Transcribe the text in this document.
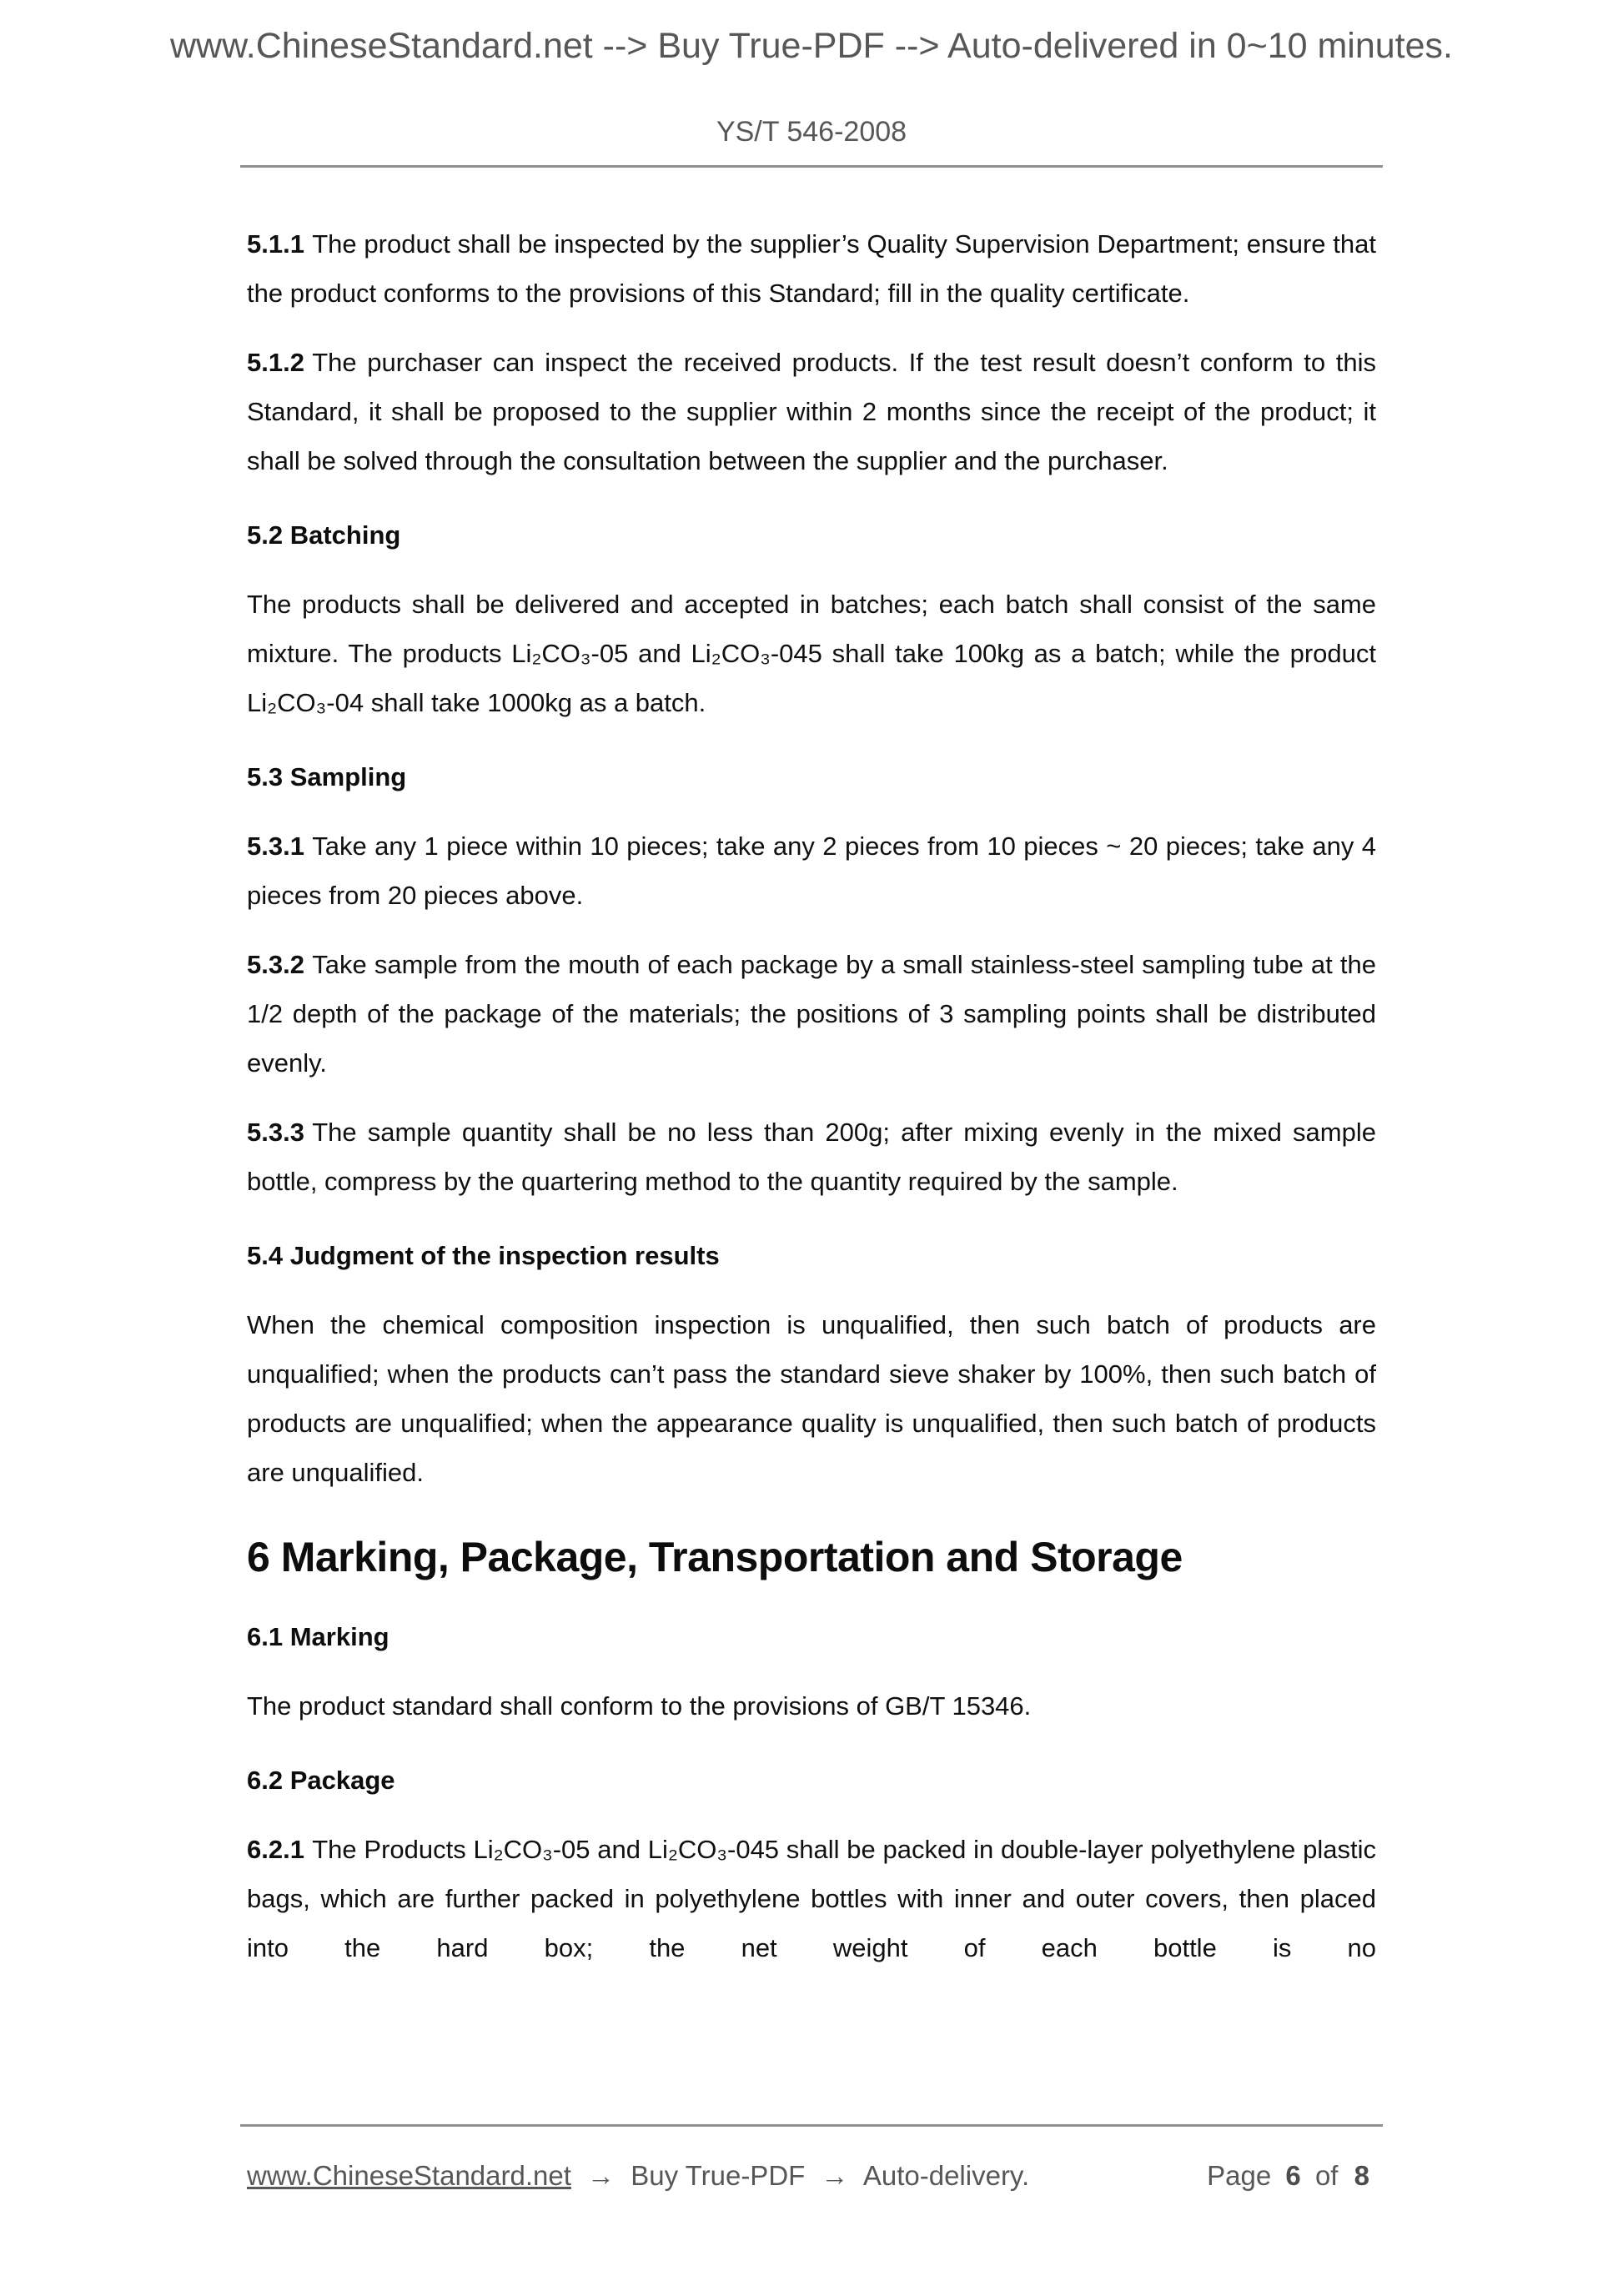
www.ChineseStandard.net --> Buy True-PDF --> Auto-delivered in 0~10 minutes.
YS/T 546-2008

5.1.1 The product shall be inspected by the supplier’s Quality Supervision Department; ensure that the product conforms to the provisions of this Standard; fill in the quality certificate.

5.1.2 The purchaser can inspect the received products. If the test result doesn’t conform to this Standard, it shall be proposed to the supplier within 2 months since the receipt of the product; it shall be solved through the consultation between the supplier and the purchaser.

5.2 Batching

The products shall be delivered and accepted in batches; each batch shall consist of the same mixture. The products Li₂CO₃-05 and Li₂CO₃-045 shall take 100kg as a batch; while the product Li₂CO₃-04 shall take 1000kg as a batch.

5.3 Sampling

5.3.1 Take any 1 piece within 10 pieces; take any 2 pieces from 10 pieces ~ 20 pieces; take any 4 pieces from 20 pieces above.

5.3.2 Take sample from the mouth of each package by a small stainless-steel sampling tube at the 1/2 depth of the package of the materials; the positions of 3 sampling points shall be distributed evenly.

5.3.3 The sample quantity shall be no less than 200g; after mixing evenly in the mixed sample bottle, compress by the quartering method to the quantity required by the sample.

5.4 Judgment of the inspection results

When the chemical composition inspection is unqualified, then such batch of products are unqualified; when the products can’t pass the standard sieve shaker by 100%, then such batch of products are unqualified; when the appearance quality is unqualified, then such batch of products are unqualified.

6 Marking, Package, Transportation and Storage
6.1 Marking

The product standard shall conform to the provisions of GB/T 15346.

6.2 Package

6.2.1 The Products Li₂CO₃-05 and Li₂CO₃-045 shall be packed in double-layer polyethylene plastic bags, which are further packed in polyethylene bottles with inner and outer covers, then placed into the hard box; the net weight of each bottle is no

www.ChineseStandard.net → Buy True-PDF → Auto-delivery.	Page 6 of 8
